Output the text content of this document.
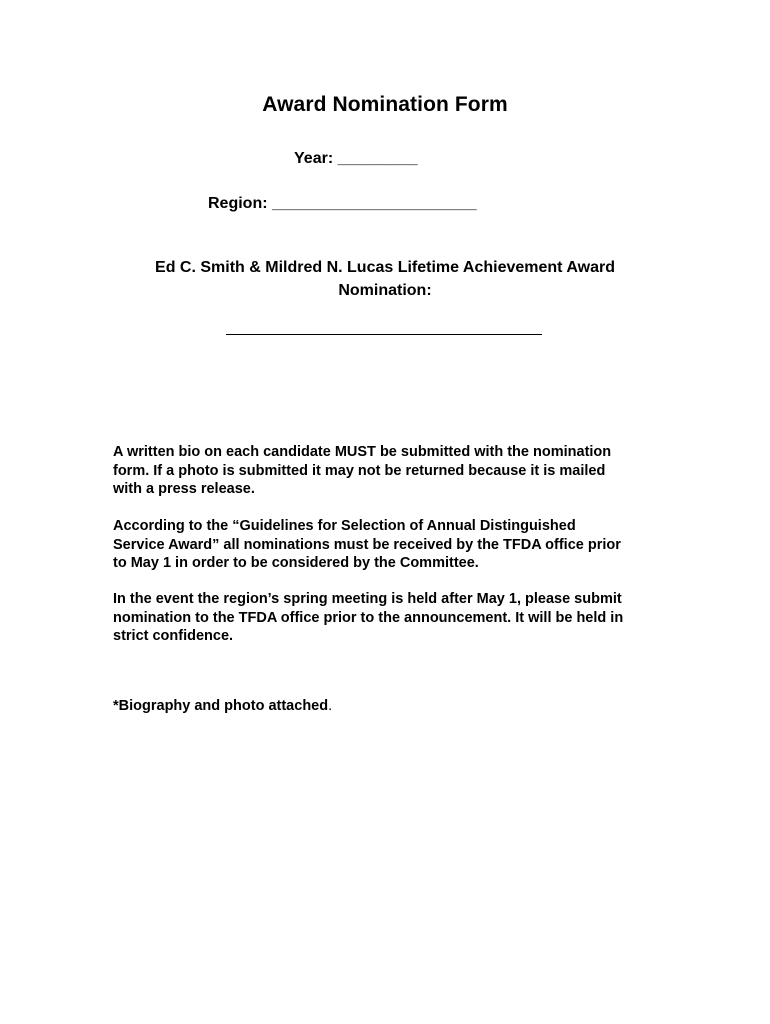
Award Nomination Form
Year: _________
Region: _______________________
Ed C. Smith & Mildred N. Lucas Lifetime Achievement Award
Nomination:
A written bio on each candidate MUST be submitted with the nomination
form. If a photo is submitted it may not be returned because it is mailed
with a press release.
According to the “Guidelines for Selection of Annual Distinguished
Service Award” all nominations must be received by the TFDA office prior
to May 1 in order to be considered by the Committee.
In the event the region’s spring meeting is held after May 1, please submit
nomination to the TFDA office prior to the announcement. It will be held in
strict confidence.
*Biography and photo attached.
